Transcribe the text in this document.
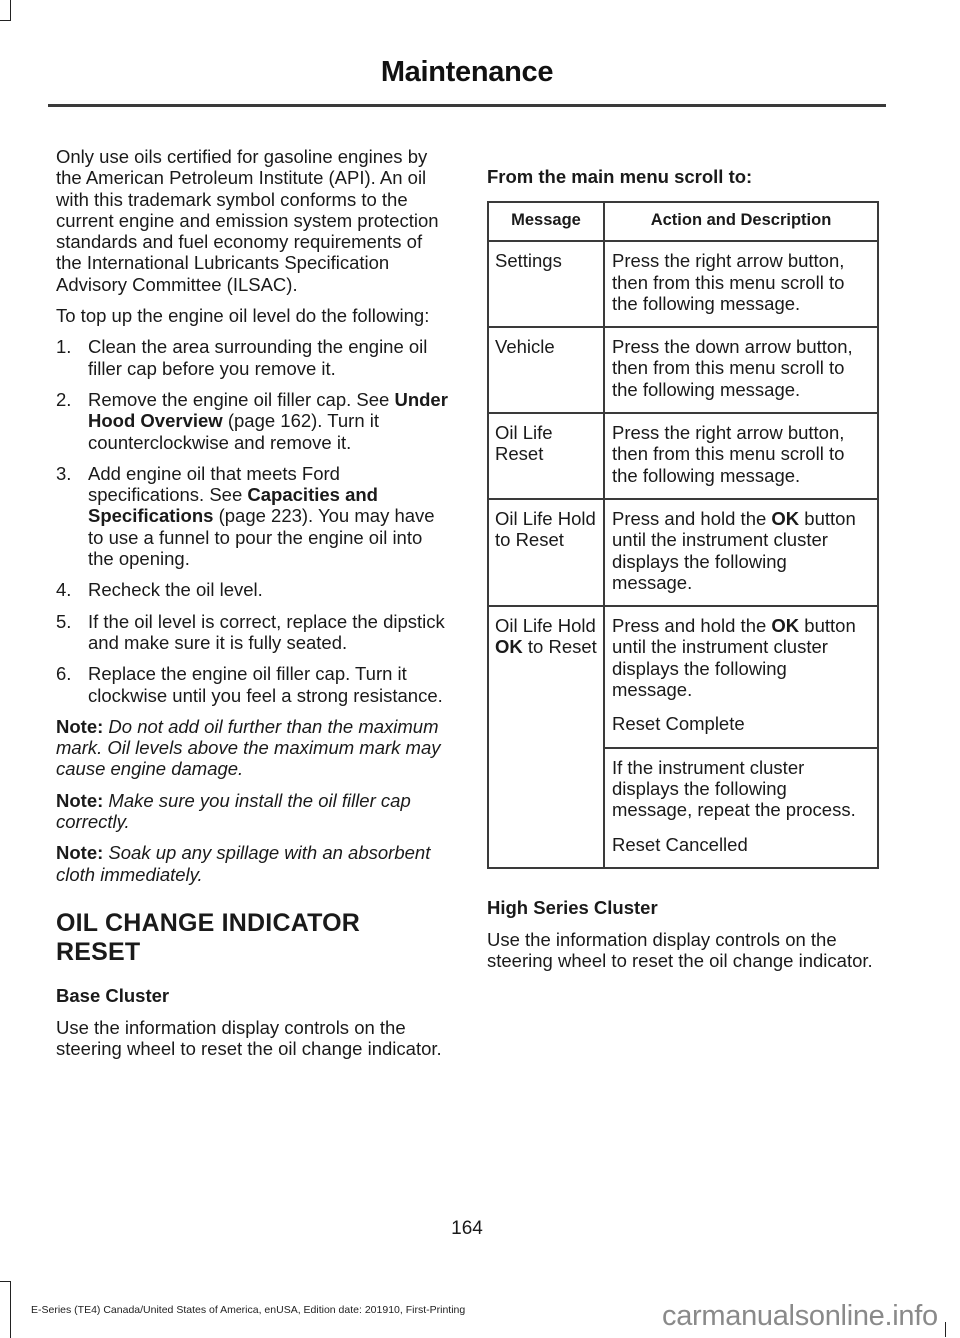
Maintenance

Only use oils certified for gasoline engines by the American Petroleum Institute (API). An oil with this trademark symbol conforms to the current engine and emission system protection standards and fuel economy requirements of the International Lubricants Specification Advisory Committee (ILSAC).

To top up the engine oil level do the following:

1. Clean the area surrounding the engine oil filler cap before you remove it.
2. Remove the engine oil filler cap. See Under Hood Overview (page 162). Turn it counterclockwise and remove it.
3. Add engine oil that meets Ford specifications. See Capacities and Specifications (page 223). You may have to use a funnel to pour the engine oil into the opening.
4. Recheck the oil level.
5. If the oil level is correct, replace the dipstick and make sure it is fully seated.
6. Replace the engine oil filler cap. Turn it clockwise until you feel a strong resistance.

Note: Do not add oil further than the maximum mark. Oil levels above the maximum mark may cause engine damage.

Note: Make sure you install the oil filler cap correctly.

Note: Soak up any spillage with an absorbent cloth immediately.

OIL CHANGE INDICATOR RESET
Base Cluster

Use the information display controls on the steering wheel to reset the oil change indicator.

From the main menu scroll to:
Message	Action and Description
Settings	Press the right arrow button, then from this menu scroll to the following message.
Vehicle	Press the down arrow button, then from this menu scroll to the following message.
Oil Life Reset	Press the right arrow button, then from this menu scroll to the following message.
Oil Life Hold to Reset	Press and hold the OK button until the instrument cluster displays the following message.
Oil Life Hold OK to Reset	Press and hold the OK button until the instrument cluster displays the following message.
Reset Complete

	If the instrument cluster displays the following message, repeat the process.
Reset Cancelled
High Series Cluster

Use the information display controls on the steering wheel to reset the oil change indicator.

164
E-Series (TE4) Canada/United States of America, enUSA, Edition date: 201910, First-Printing	carmanualsonline.info
